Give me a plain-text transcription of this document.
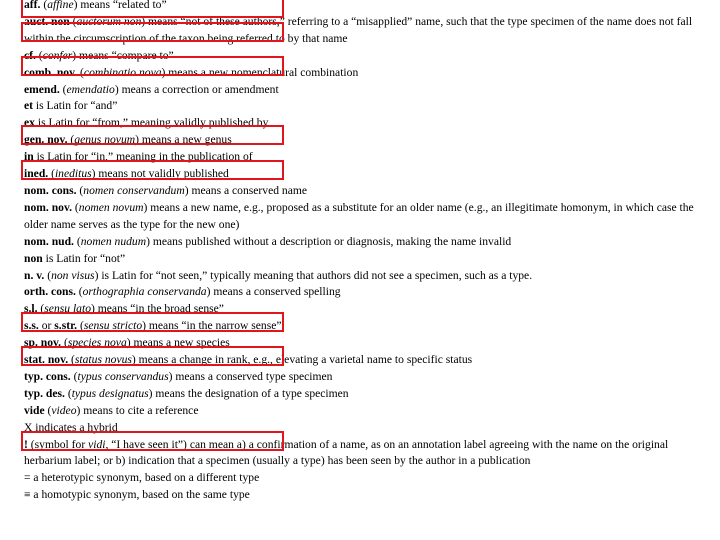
aff. (affine) means “related to”
auct. non (auctorum non) means “not of these authors,” referring to a “misapplied” name, such that the type specimen of the name does not fall within the circumscription of the taxon being referred to by that name
cf. (confer) means “compare to”
comb. nov. (combinatio nova) means a new nomenclatural combination
emend. (emendatio) means a correction or amendment
et is Latin for “and”
ex is Latin for “from,” meaning validly published by
gen. nov. (genus novum) means a new genus
in is Latin for “in,” meaning in the publication of
ined. (ineditus) means not validly published
nom. cons. (nomen conservandum) means a conserved name
nom. nov. (nomen novum) means a new name, e.g., proposed as a substitute for an older name (e.g., an illegitimate homonym, in which case the older name serves as the type for the new one)
nom. nud. (nomen nudum) means published without a description or diagnosis, making the name invalid
non is Latin for “not”
n. v. (non visus) is Latin for “not seen,” typically meaning that authors did not see a specimen, such as a type.
orth. cons. (orthographia conservanda) means a conserved spelling
s.l. (sensu lato) means “in the broad sense”
s.s. or s.str. (sensu stricto) means “in the narrow sense”
sp. nov. (species nova) means a new species
stat. nov. (status novus) means a change in rank, e.g., elevating a varietal name to specific status
typ. cons. (typus conservandus) means a conserved type specimen
typ. des. (typus designatus) means the designation of a type specimen
vide (video) means to cite a reference
X indicates a hybrid
! (symbol for vidi, “I have seen it”) can mean a) a confirmation of a name, as on an annotation label agreeing with the name on the original herbarium label; or b) indication that a specimen (usually a type) has been seen by the author in a publication
= a heterotypic synonym, based on a different type
≡ a homotypic synonym, based on the same type
